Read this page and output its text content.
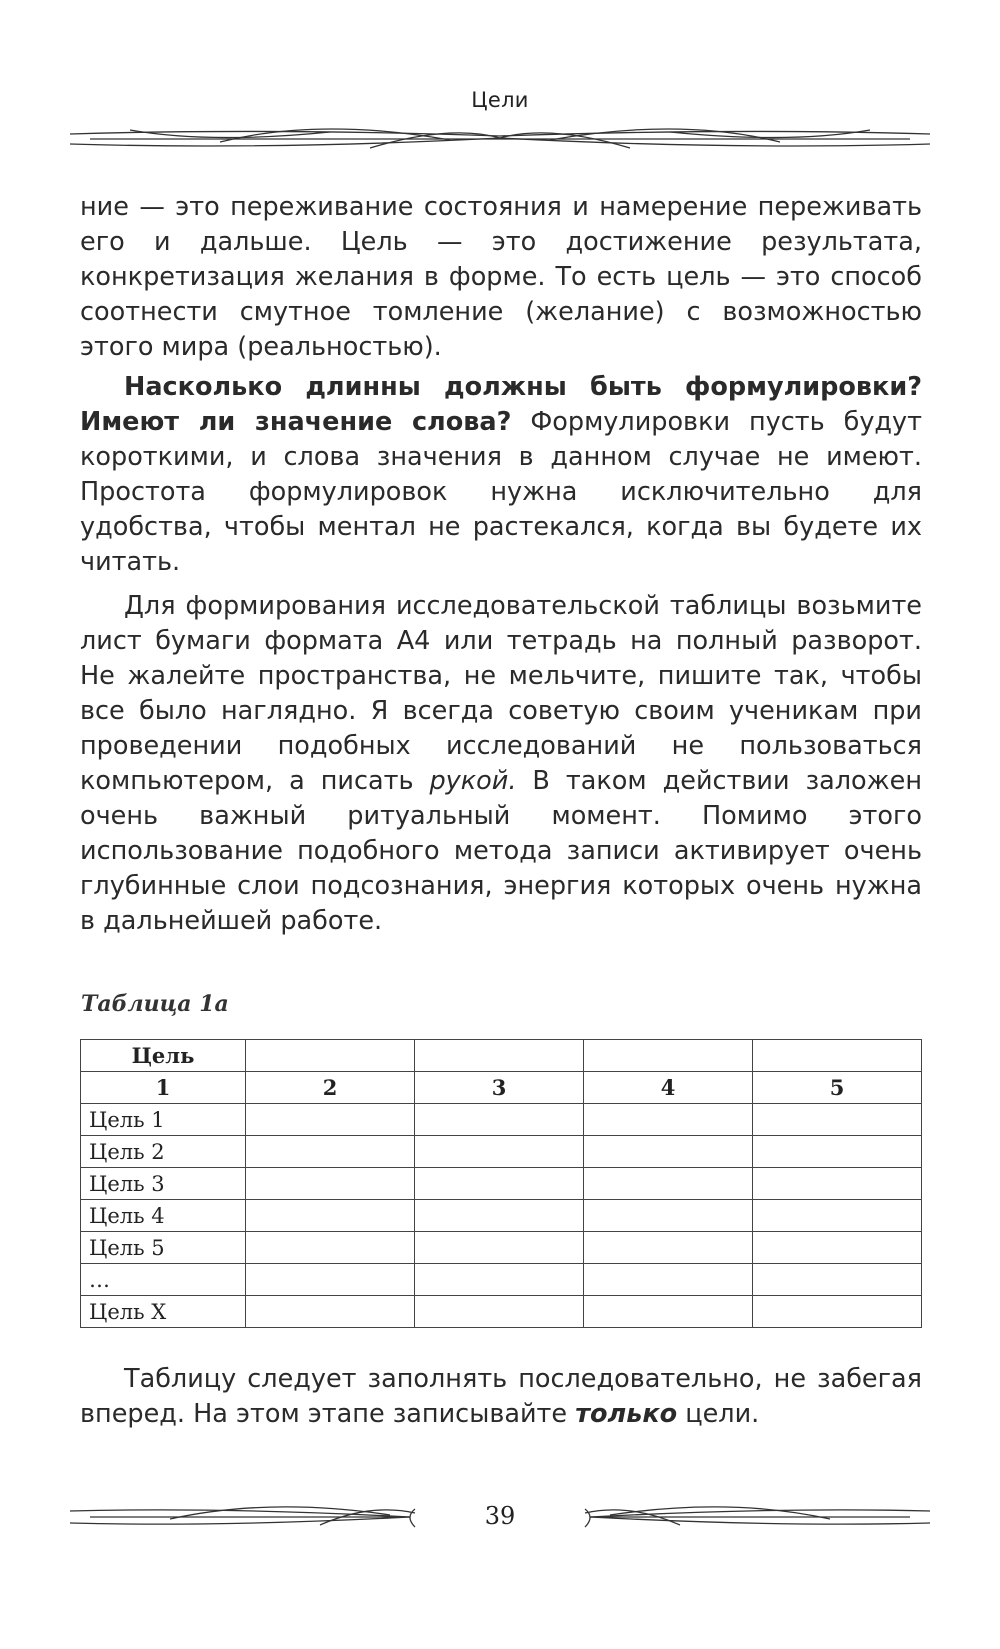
Цели

ние — это переживание состояния и намерение переживать его и дальше. Цель — это достижение результата, конкретизация желания в форме. То есть цель — это способ соотнести смутное томление (желание) с возможностью этого мира (реальностью).

Насколько длинны должны быть формулировки? Имеют ли значение слова? Формулировки пусть будут короткими, и слова значения в данном случае не имеют. Простота формулировок нужна исключительно для удобства, чтобы ментал не растекался, когда вы будете их читать.

Для формирования исследовательской таблицы возьмите лист бумаги формата А4 или тетрадь на полный разворот. Не жалейте пространства, не мельчите, пишите так, чтобы все было наглядно. Я всегда советую своим ученикам при проведении подобных исследований не пользоваться компьютером, а писать рукой. В таком действии заложен очень важный ритуальный момент. Помимо этого использование подобного метода записи активирует очень глубинные слои подсознания, энергия которых очень нужна в дальнейшей работе.

Таблица 1а
Цель				
1	2	3	4	5
Цель 1				
Цель 2				
Цель 3				
Цель 4				
Цель 5				
…				
Цель X				

Таблицу следует заполнять последовательно, не забегая вперед. На этом этапе записывайте только цели.

39
